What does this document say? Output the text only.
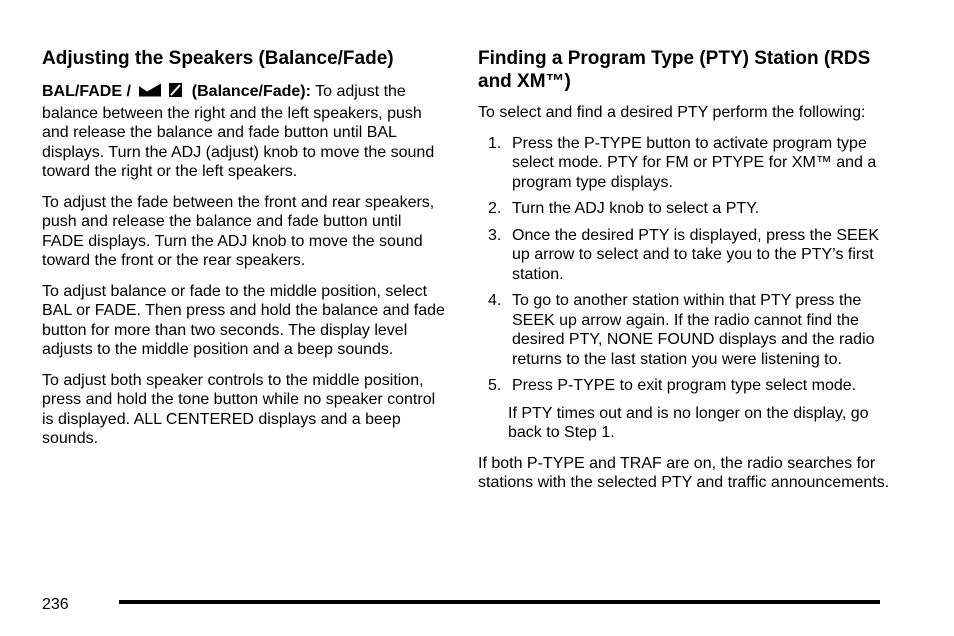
Adjusting the Speakers (Balance/Fade)

BAL/FADE /	(Balance/Fade): To adjust the balance between the right and the left speakers, push and release the balance and fade button until BAL displays. Turn the ADJ (adjust) knob to move the sound toward the right or the left speakers.

To adjust the fade between the front and rear speakers, push and release the balance and fade button until FADE displays. Turn the ADJ knob to move the sound toward the front or the rear speakers.

To adjust balance or fade to the middle position, select BAL or FADE. Then press and hold the balance and fade button for more than two seconds. The display level adjusts to the middle position and a beep sounds.

To adjust both speaker controls to the middle position, press and hold the tone button while no speaker control is displayed. ALL CENTERED displays and a beep sounds.

Finding a Program Type (PTY) Station (RDS and XM™)

To select and find a desired PTY perform the following:

1. Press the P-TYPE button to activate program type select mode. PTY for FM or PTYPE for XM™ and a program type displays.
2. Turn the ADJ knob to select a PTY.
3. Once the desired PTY is displayed, press the SEEK up arrow to select and to take you to the PTY’s first station.
4. To go to another station within that PTY press the SEEK up arrow again. If the radio cannot find the desired PTY, NONE FOUND displays and the radio returns to the last station you were listening to.
5. Press P-TYPE to exit program type select mode.

If PTY times out and is no longer on the display, go back to Step 1.

If both P-TYPE and TRAF are on, the radio searches for stations with the selected PTY and traffic announcements.

236
